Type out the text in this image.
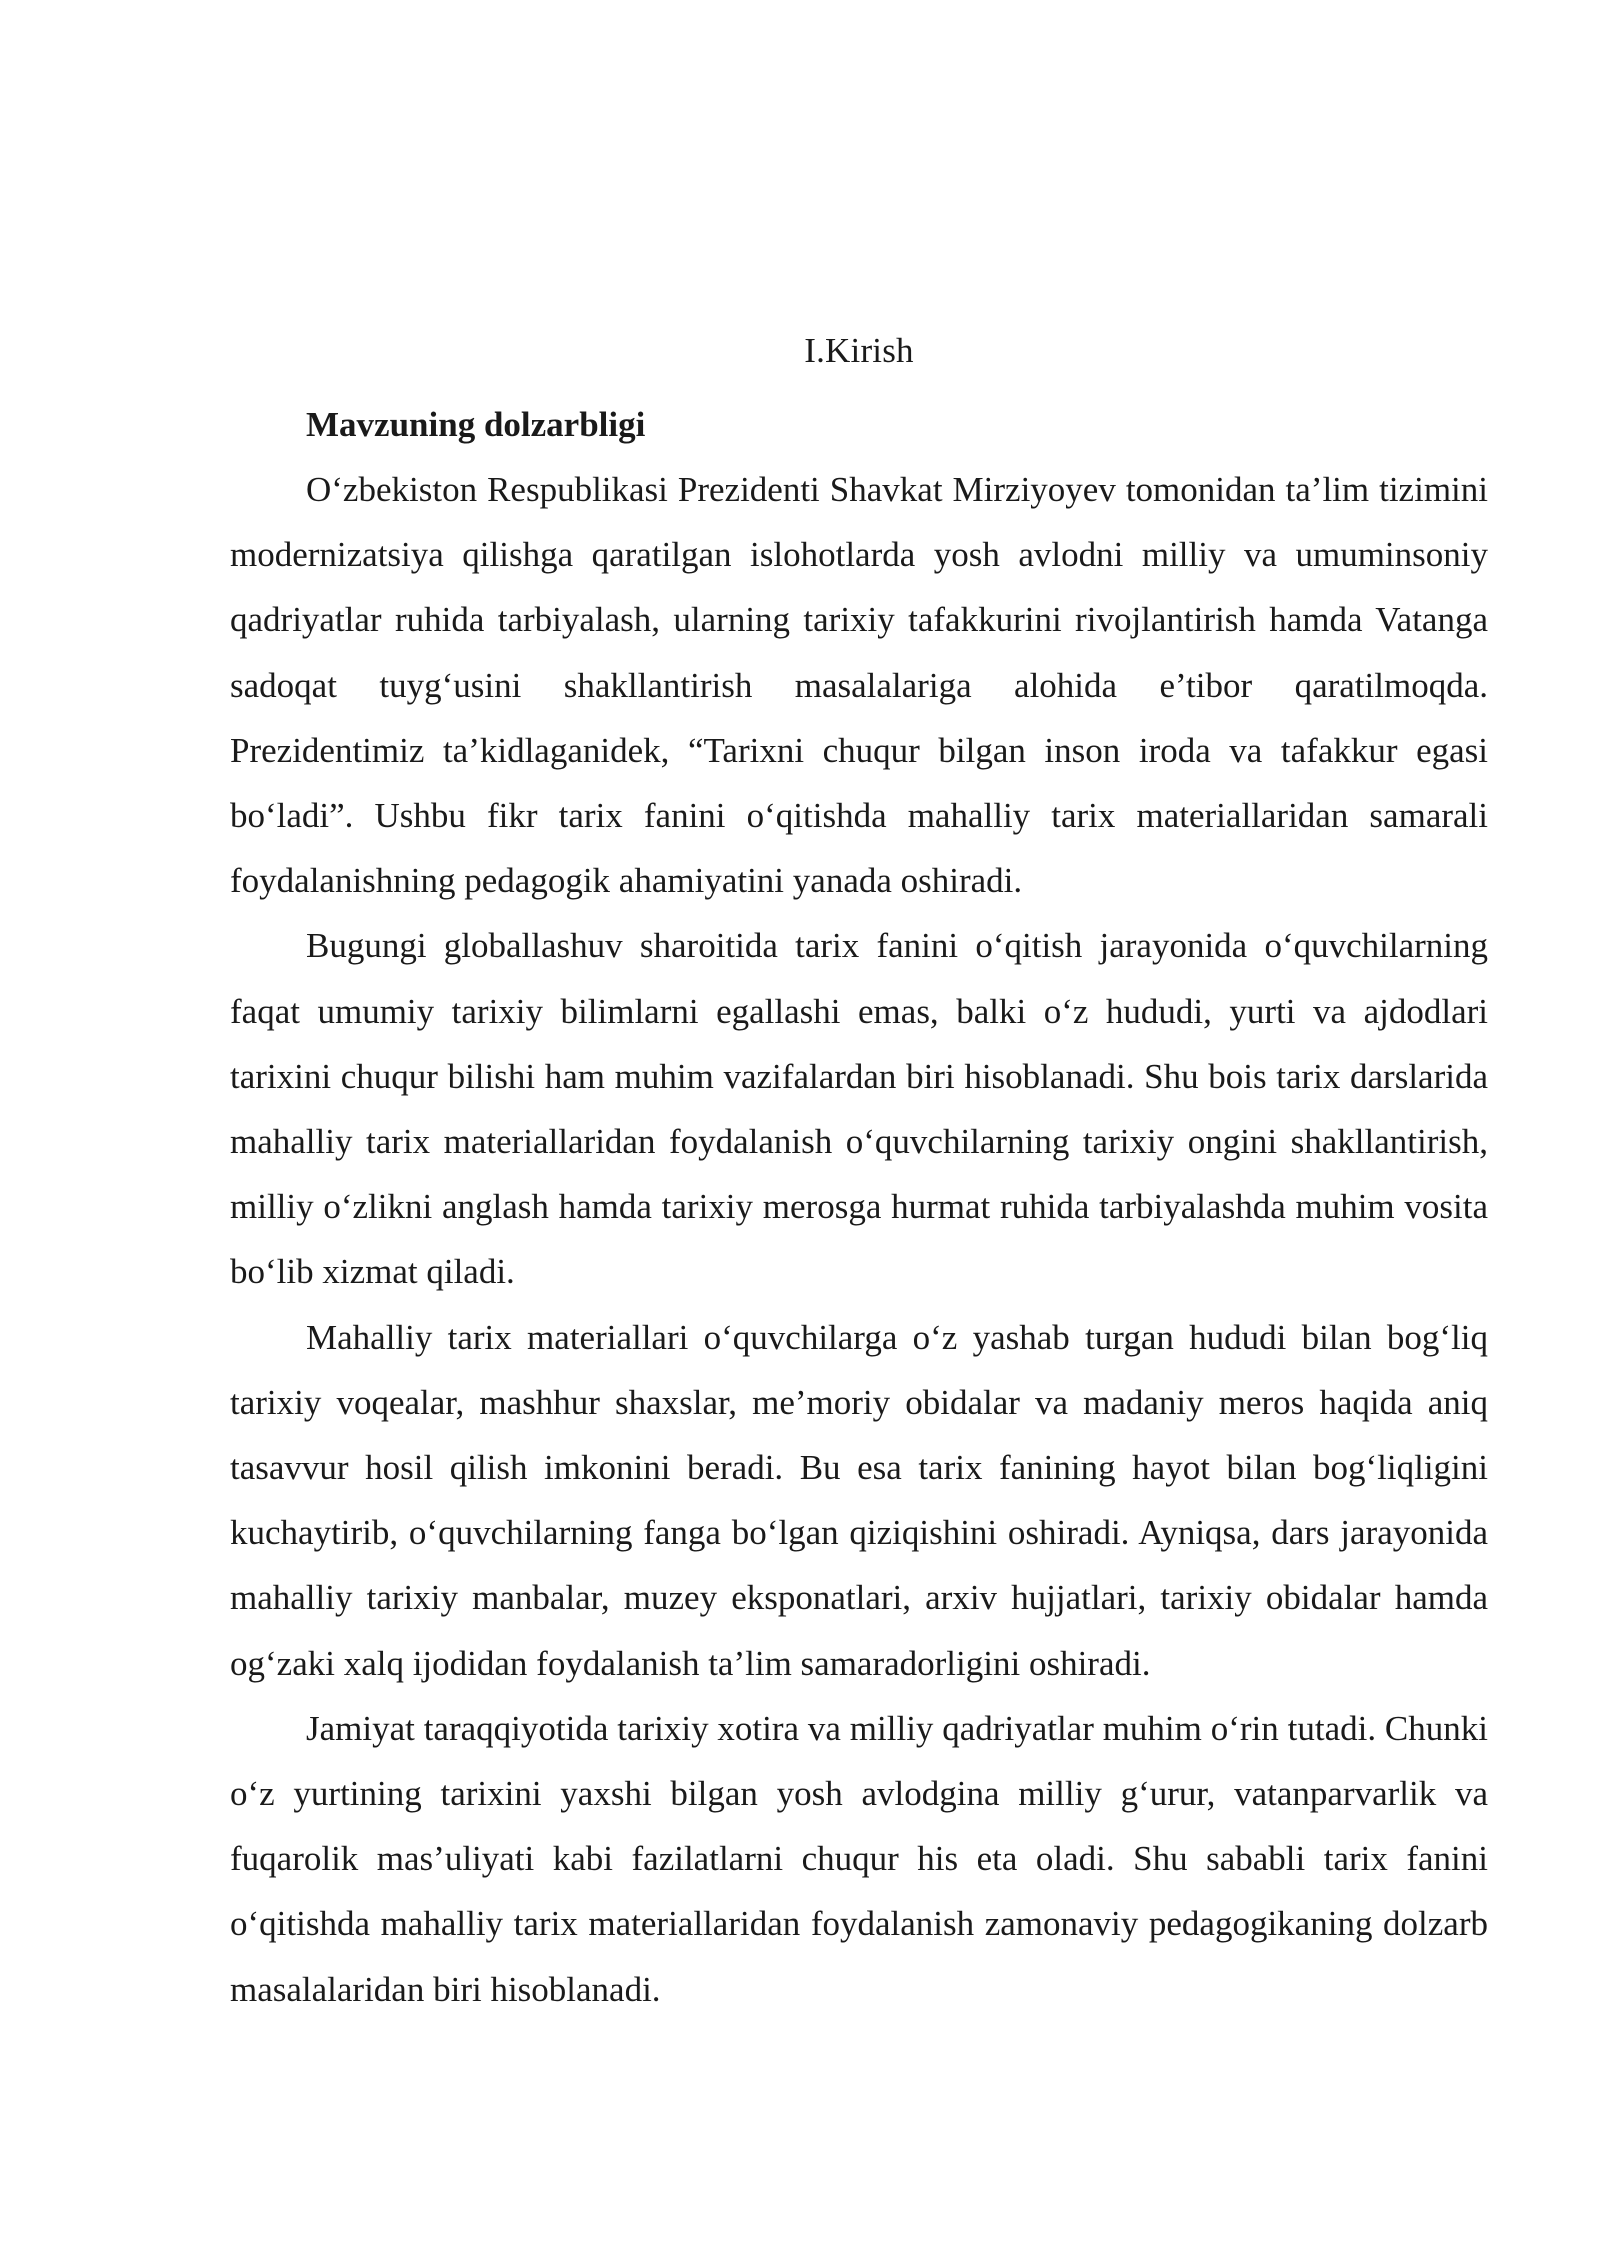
I.Kirish
Mavzuning dolzarbligi

O‘zbekiston Respublikasi Prezidenti Shavkat Mirziyoyev tomonidan ta’lim tizimini modernizatsiya qilishga qaratilgan islohotlarda yosh avlodni milliy va umuminsoniy qadriyatlar ruhida tarbiyalash, ularning tarixiy tafakkurini rivojlantirish hamda Vatanga sadoqat tuyg‘usini shakllantirish masalalariga alohida e’tibor qaratilmoqda. Prezidentimiz ta’kidlaganidek, “Tarixni chuqur bilgan inson iroda va tafakkur egasi bo‘ladi”. Ushbu fikr tarix fanini o‘qitishda mahalliy tarix materiallaridan samarali foydalanishning pedagogik ahamiyatini yanada oshiradi.

Bugungi globallashuv sharoitida tarix fanini o‘qitish jarayonida o‘quvchilarning faqat umumiy tarixiy bilimlarni egallashi emas, balki o‘z hududi, yurti va ajdodlari tarixini chuqur bilishi ham muhim vazifalardan biri hisoblanadi. Shu bois tarix darslarida mahalliy tarix materiallaridan foydalanish o‘quvchilarning tarixiy ongini shakllantirish, milliy o‘zlikni anglash hamda tarixiy merosga hurmat ruhida tarbiyalashda muhim vosita bo‘lib xizmat qiladi.

Mahalliy tarix materiallari o‘quvchilarga o‘z yashab turgan hududi bilan bog‘liq tarixiy voqealar, mashhur shaxslar, me’moriy obidalar va madaniy meros haqida aniq tasavvur hosil qilish imkonini beradi. Bu esa tarix fanining hayot bilan bog‘liqligini kuchaytirib, o‘quvchilarning fanga bo‘lgan qiziqishini oshiradi. Ayniqsa, dars jarayonida mahalliy tarixiy manbalar, muzey eksponatlari, arxiv hujjatlari, tarixiy obidalar hamda og‘zaki xalq ijodidan foydalanish ta’lim samaradorligini oshiradi.

Jamiyat taraqqiyotida tarixiy xotira va milliy qadriyatlar muhim o‘rin tutadi. Chunki o‘z yurtining tarixini yaxshi bilgan yosh avlodgina milliy g‘urur, vatanparvarlik va fuqarolik mas’uliyati kabi fazilatlarni chuqur his eta oladi. Shu sababli tarix fanini o‘qitishda mahalliy tarix materiallaridan foydalanish zamonaviy pedagogikaning dolzarb masalalaridan biri hisoblanadi.
